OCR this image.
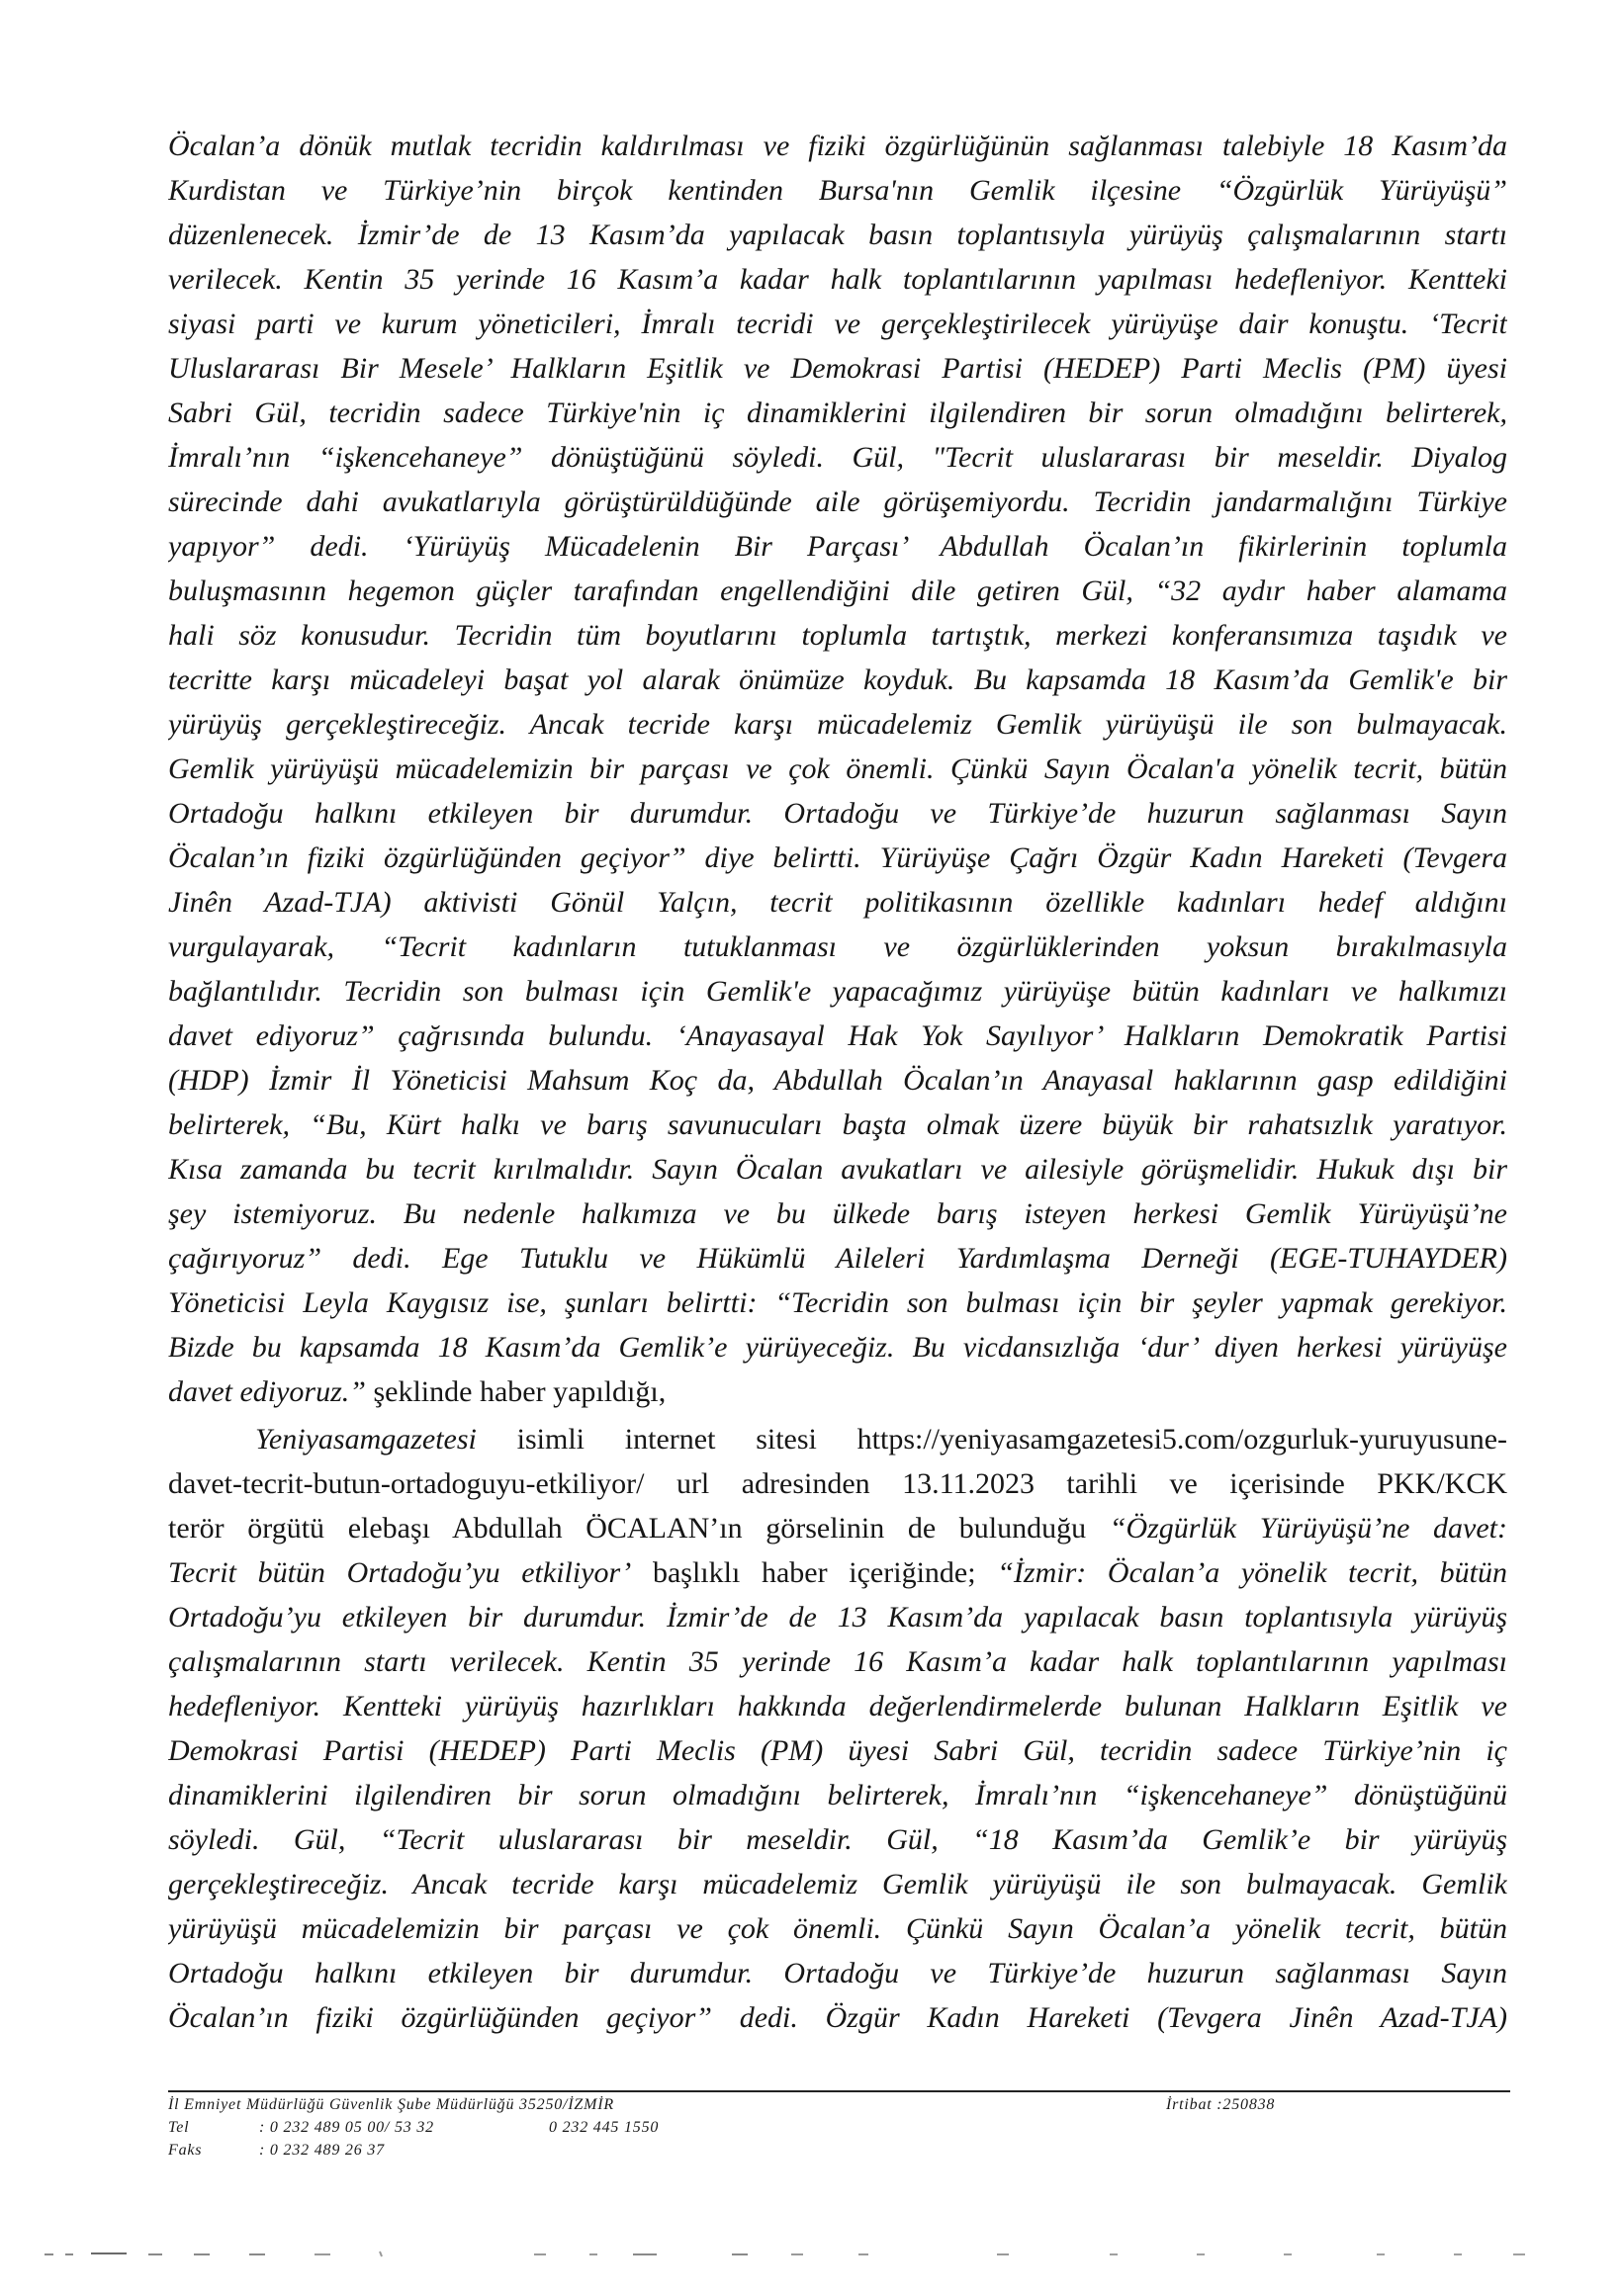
Öcalan’a dönük mutlak tecridin kaldırılması ve fiziki özgürlüğünün sağlanması talebiyle 18 Kasım’da
Kurdistan ve Türkiye’nin birçok kentinden Bursa'nın Gemlik ilçesine “Özgürlük Yürüyüşü”
düzenlenecek. İzmir’de de 13 Kasım’da yapılacak basın toplantısıyla yürüyüş çalışmalarının startı
verilecek. Kentin 35 yerinde 16 Kasım’a kadar halk toplantılarının yapılması hedefleniyor. Kentteki
siyasi parti ve kurum yöneticileri, İmralı tecridi ve gerçekleştirilecek yürüyüşe dair konuştu. ‘Tecrit
Uluslararası Bir Mesele’ Halkların Eşitlik ve Demokrasi Partisi (HEDEP) Parti Meclis (PM) üyesi
Sabri Gül, tecridin sadece Türkiye'nin iç dinamiklerini ilgilendiren bir sorun olmadığını belirterek,
İmralı’nın “işkencehaneye” dönüştüğünü söyledi. Gül, "Tecrit uluslararası bir meseldir. Diyalog
sürecinde dahi avukatlarıyla görüştürüldüğünde aile görüşemiyordu. Tecridin jandarmalığını Türkiye
yapıyor” dedi. ‘Yürüyüş Mücadelenin Bir Parçası’ Abdullah Öcalan’ın fikirlerinin toplumla
buluşmasının hegemon güçler tarafından engellendiğini dile getiren Gül, “32 aydır haber alamama
hali söz konusudur. Tecridin tüm boyutlarını toplumla tartıştık, merkezi konferansımıza taşıdık ve
tecritte karşı mücadeleyi başat yol alarak önümüze koyduk. Bu kapsamda 18 Kasım’da Gemlik'e bir
yürüyüş gerçekleştireceğiz. Ancak tecride karşı mücadelemiz Gemlik yürüyüşü ile son bulmayacak.
Gemlik yürüyüşü mücadelemizin bir parçası ve çok önemli. Çünkü Sayın Öcalan'a yönelik tecrit, bütün
Ortadoğu halkını etkileyen bir durumdur. Ortadoğu ve Türkiye’de huzurun sağlanması Sayın
Öcalan’ın fiziki özgürlüğünden geçiyor” diye belirtti. Yürüyüşe Çağrı Özgür Kadın Hareketi (Tevgera
Jinên Azad-TJA) aktivisti Gönül Yalçın, tecrit politikasının özellikle kadınları hedef aldığını
vurgulayarak, “Tecrit kadınların tutuklanması ve özgürlüklerinden yoksun bırakılmasıyla
bağlantılıdır. Tecridin son bulması için Gemlik'e yapacağımız yürüyüşe bütün kadınları ve halkımızı
davet ediyoruz” çağrısında bulundu. ‘Anayasayal Hak Yok Sayılıyor’ Halkların Demokratik Partisi
(HDP) İzmir İl Yöneticisi Mahsum Koç da, Abdullah Öcalan’ın Anayasal haklarının gasp edildiğini
belirterek, “Bu, Kürt halkı ve barış savunucuları başta olmak üzere büyük bir rahatsızlık yaratıyor.
Kısa zamanda bu tecrit kırılmalıdır. Sayın Öcalan avukatları ve ailesiyle görüşmelidir. Hukuk dışı bir
şey istemiyoruz. Bu nedenle halkımıza ve bu ülkede barış isteyen herkesi Gemlik Yürüyüşü’ne
çağırıyoruz” dedi. Ege Tutuklu ve Hükümlü Aileleri Yardımlaşma Derneği (EGE-TUHAYDER)
Yöneticisi Leyla Kaygısız ise, şunları belirtti: “Tecridin son bulması için bir şeyler yapmak gerekiyor.
Bizde bu kapsamda 18 Kasım’da Gemlik’e yürüyeceğiz. Bu vicdansızlığa ‘dur’ diyen herkesi yürüyüşe
davet ediyoruz.” şeklinde haber yapıldığı,
Yeniyasamgazetesi isimli internet sitesi https://yeniyasamgazetesi5.com/ozgurluk-yuruyusune-
davet-tecrit-butun-ortadoguyu-etkiliyor/ url adresinden 13.11.2023 tarihli ve içerisinde PKK/KCK
terör örgütü elebaşı Abdullah ÖCALAN’ın görselinin de bulunduğu “Özgürlük Yürüyüşü’ne davet:
Tecrit bütün Ortadoğu’yu etkiliyor’ başlıklı haber içeriğinde; “İzmir: Öcalan’a yönelik tecrit, bütün
Ortadoğu’yu etkileyen bir durumdur. İzmir’de de 13 Kasım’da yapılacak basın toplantısıyla yürüyüş
çalışmalarının startı verilecek. Kentin 35 yerinde 16 Kasım’a kadar halk toplantılarının yapılması
hedefleniyor. Kentteki yürüyüş hazırlıkları hakkında değerlendirmelerde bulunan Halkların Eşitlik ve
Demokrasi Partisi (HEDEP) Parti Meclis (PM) üyesi Sabri Gül, tecridin sadece Türkiye’nin iç
dinamiklerini ilgilendiren bir sorun olmadığını belirterek, İmralı’nın “işkencehaneye” dönüştüğünü
söyledi. Gül, “Tecrit uluslararası bir meseldir. Gül, “18 Kasım’da Gemlik’e bir yürüyüş
gerçekleştireceğiz. Ancak tecride karşı mücadelemiz Gemlik yürüyüşü ile son bulmayacak. Gemlik
yürüyüşü mücadelemizin bir parçası ve çok önemli. Çünkü Sayın Öcalan’a yönelik tecrit, bütün
Ortadoğu halkını etkileyen bir durumdur. Ortadoğu ve Türkiye’de huzurun sağlanması Sayın
Öcalan’ın fiziki özgürlüğünden geçiyor” dedi. Özgür Kadın Hareketi (Tevgera Jinên Azad-TJA)
İl Emniyet Müdürlüğü Güvenlik Şube Müdürlüğü 35250/İZMİR	İrtibat :250838
Tel	: 0 232 489 05 00/ 53 32	0 232 445 1550
Faks	: 0 232 489 26 37
